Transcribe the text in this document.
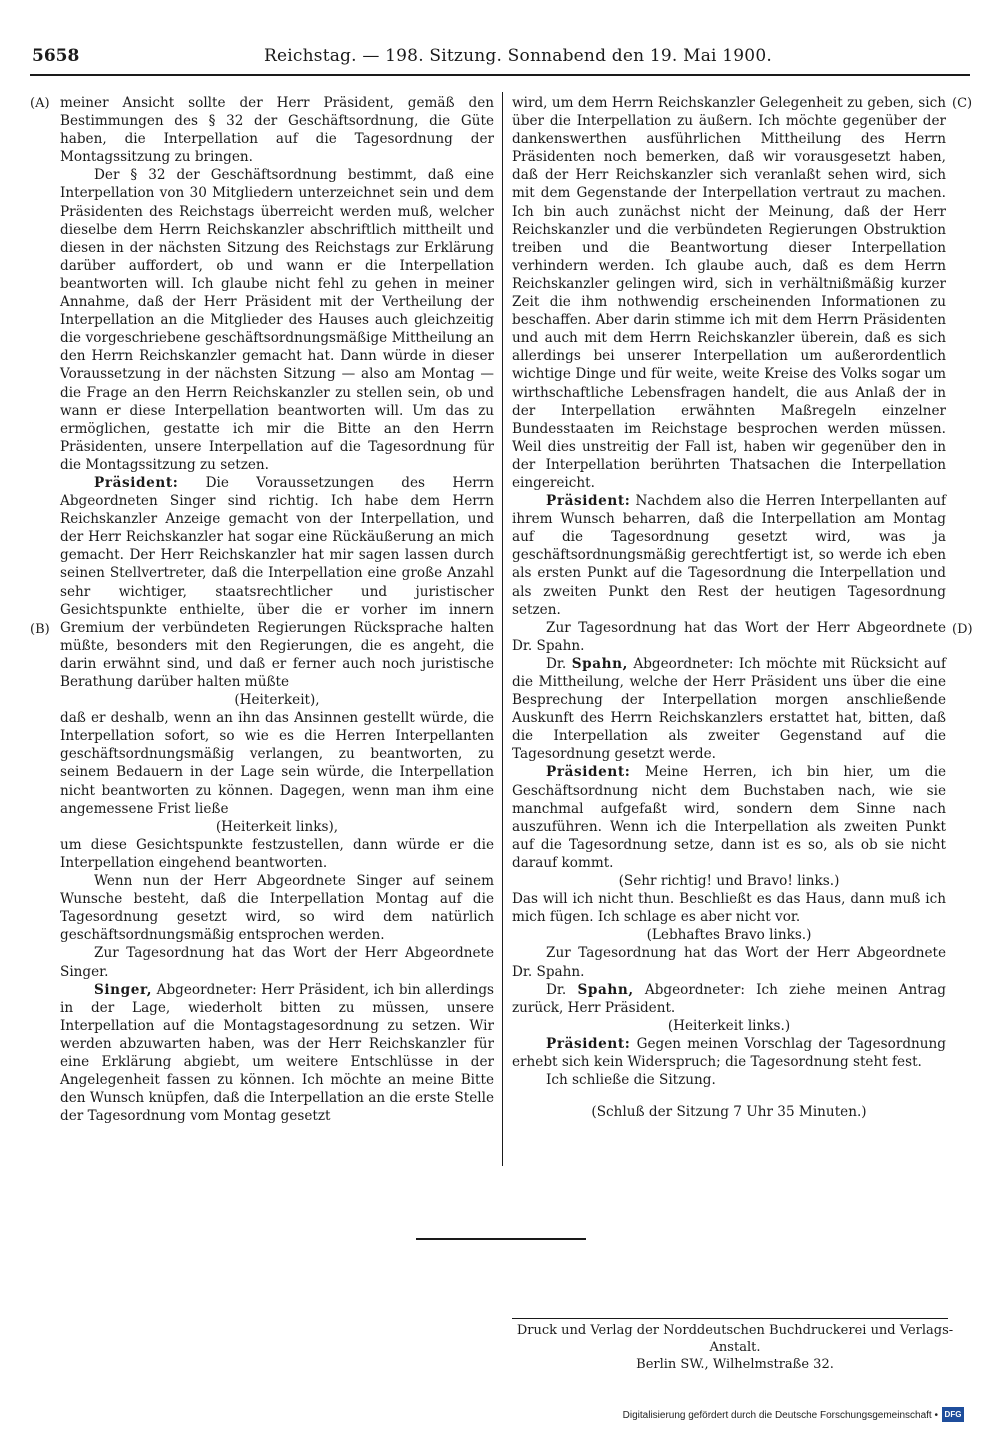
5658	Reichstag. — 198. Sitzung. Sonnabend den 19. Mai 1900.
(A)
(B)
(C)
(D)

meiner Ansicht sollte der Herr Präsident, gemäß den Bestimmungen des § 32 der Geschäftsordnung, die Güte haben, die Interpellation auf die Tagesordnung der Montagssitzung zu bringen.

Der § 32 der Geschäftsordnung bestimmt, daß eine Interpellation von 30 Mitgliedern unterzeichnet sein und dem Präsidenten des Reichstags überreicht werden muß, welcher dieselbe dem Herrn Reichskanzler abschriftlich mittheilt und diesen in der nächsten Sitzung des Reichstags zur Erklärung darüber auffordert, ob und wann er die Interpellation beantworten will. Ich glaube nicht fehl zu gehen in meiner Annahme, daß der Herr Präsident mit der Vertheilung der Interpellation an die Mitglieder des Hauses auch gleichzeitig die vorgeschriebene geschäftsordnungsmäßige Mittheilung an den Herrn Reichskanzler gemacht hat. Dann würde in dieser Voraussetzung in der nächsten Sitzung — also am Montag — die Frage an den Herrn Reichskanzler zu stellen sein, ob und wann er diese Interpellation beantworten will. Um das zu ermöglichen, gestatte ich mir die Bitte an den Herrn Präsidenten, unsere Interpellation auf die Tagesordnung für die Montagssitzung zu setzen.

Präsident: Die Voraussetzungen des Herrn Abgeordneten Singer sind richtig. Ich habe dem Herrn Reichskanzler Anzeige gemacht von der Interpellation, und der Herr Reichskanzler hat sogar eine Rückäußerung an mich gemacht. Der Herr Reichskanzler hat mir sagen lassen durch seinen Stellvertreter, daß die Interpellation eine große Anzahl sehr wichtiger, staatsrechtlicher und juristischer Gesichtspunkte enthielte, über die er vorher im innern Gremium der verbündeten Regierungen Rücksprache halten müßte, besonders mit den Regierungen, die es angeht, die darin erwähnt sind, und daß er ferner auch noch juristische Berathung darüber halten müßte

(Heiterkeit),

daß er deshalb, wenn an ihn das Ansinnen gestellt würde, die Interpellation sofort, so wie es die Herren Interpellanten geschäftsordnungsmäßig verlangen, zu beantworten, zu seinem Bedauern in der Lage sein würde, die Interpellation nicht beantworten zu können. Dagegen, wenn man ihm eine angemessene Frist ließe

(Heiterkeit links),

um diese Gesichtspunkte festzustellen, dann würde er die Interpellation eingehend beantworten.

Wenn nun der Herr Abgeordnete Singer auf seinem Wunsche besteht, daß die Interpellation Montag auf die Tagesordnung gesetzt wird, so wird dem natürlich geschäftsordnungsmäßig entsprochen werden.

Zur Tagesordnung hat das Wort der Herr Abgeordnete Singer.

Singer, Abgeordneter: Herr Präsident, ich bin allerdings in der Lage, wiederholt bitten zu müssen, unsere Interpellation auf die Montagstagesordnung zu setzen. Wir werden abzuwarten haben, was der Herr Reichskanzler für eine Erklärung abgiebt, um weitere Entschlüsse in der Angelegenheit fassen zu können. Ich möchte an meine Bitte den Wunsch knüpfen, daß die Interpellation an die erste Stelle der Tagesordnung vom Montag gesetzt

wird, um dem Herrn Reichskanzler Gelegenheit zu geben, sich über die Interpellation zu äußern. Ich möchte gegenüber der dankenswerthen ausführlichen Mittheilung des Herrn Präsidenten noch bemerken, daß wir vorausgesetzt haben, daß der Herr Reichskanzler sich veranlaßt sehen wird, sich mit dem Gegenstande der Interpellation vertraut zu machen. Ich bin auch zunächst nicht der Meinung, daß der Herr Reichskanzler und die verbündeten Regierungen Obstruktion treiben und die Beantwortung dieser Interpellation verhindern werden. Ich glaube auch, daß es dem Herrn Reichskanzler gelingen wird, sich in verhältnißmäßig kurzer Zeit die ihm nothwendig erscheinenden Informationen zu beschaffen. Aber darin stimme ich mit dem Herrn Präsidenten und auch mit dem Herrn Reichskanzler überein, daß es sich allerdings bei unserer Interpellation um außerordentlich wichtige Dinge und für weite, weite Kreise des Volks sogar um wirthschaftliche Lebensfragen handelt, die aus Anlaß der in der Interpellation erwähnten Maßregeln einzelner Bundesstaaten im Reichstage besprochen werden müssen. Weil dies unstreitig der Fall ist, haben wir gegenüber den in der Interpellation berührten Thatsachen die Interpellation eingereicht.

Präsident: Nachdem also die Herren Interpellanten auf ihrem Wunsch beharren, daß die Interpellation am Montag auf die Tagesordnung gesetzt wird, was ja geschäftsordnungsmäßig gerechtfertigt ist, so werde ich eben als ersten Punkt auf die Tagesordnung die Interpellation und als zweiten Punkt den Rest der heutigen Tagesordnung setzen.

Zur Tagesordnung hat das Wort der Herr Abgeordnete Dr. Spahn.

Dr. Spahn, Abgeordneter: Ich möchte mit Rücksicht auf die Mittheilung, welche der Herr Präsident uns über die eine Besprechung der Interpellation morgen anschließende Auskunft des Herrn Reichskanzlers erstattet hat, bitten, daß die Interpellation als zweiter Gegenstand auf die Tagesordnung gesetzt werde.

Präsident: Meine Herren, ich bin hier, um die Geschäftsordnung nicht dem Buchstaben nach, wie sie manchmal aufgefaßt wird, sondern dem Sinne nach auszuführen. Wenn ich die Interpellation als zweiten Punkt auf die Tagesordnung setze, dann ist es so, als ob sie nicht darauf kommt.

(Sehr richtig! und Bravo! links.)

Das will ich nicht thun. Beschließt es das Haus, dann muß ich mich fügen. Ich schlage es aber nicht vor.

(Lebhaftes Bravo links.)

Zur Tagesordnung hat das Wort der Herr Abgeordnete Dr. Spahn.

Dr. Spahn, Abgeordneter: Ich ziehe meinen Antrag zurück, Herr Präsident.

(Heiterkeit links.)

Präsident: Gegen meinen Vorschlag der Tagesordnung erhebt sich kein Widerspruch; die Tagesordnung steht fest.

Ich schließe die Sitzung.

(Schluß der Sitzung 7 Uhr 35 Minuten.)

Druck und Verlag der Norddeutschen Buchdruckerei und Verlags-Anstalt.
Berlin SW., Wilhelmstraße 32.
Digitalisierung gefördert durch die Deutsche Forschungsgemeinschaft • DFG
